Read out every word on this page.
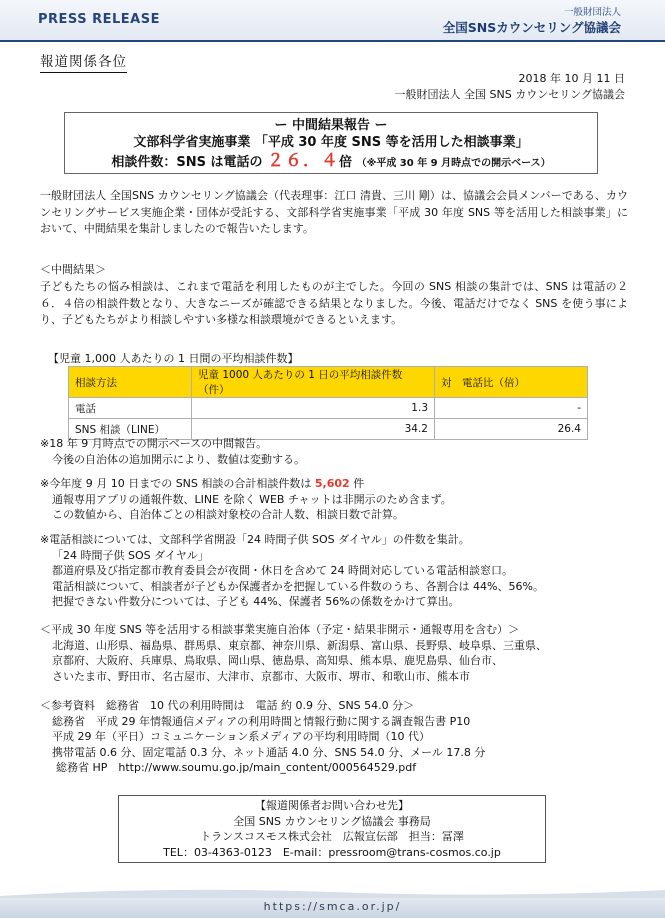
PRESS RELEASE	一般財団法人
全国SNSカウンセリング協議会
報道関係各位
2018 年 10 月 11 日
一般財団法人 全国 SNS カウンセリング協議会
ー 中間結果報告 ー
文部科学省実施事業 「平成 30 年度 SNS 等を活用した相談事業」
相談件数：SNS は電話の ２６．４倍 （※平成 30 年 9 月時点での開示ベース）
一般財団法人 全国SNS カウンセリング協議会（代表理事：江口 清貴、三川 剛）は、協議会会員メンバーである、カウンセリングサービス実施企業・団体が受託する、文部科学省実施事業「平成 30 年度 SNS 等を活用した相談事業」において、中間結果を集計しましたので報告いたします。
＜中間結果＞
子どもたちの悩み相談は、これまで電話を利用したものが主でした。今回の SNS 相談の集計では、SNS は電話の２６．４倍の相談件数となり、大きなニーズが確認できる結果となりました。今後、電話だけでなく SNS を使う事により、子どもたちがより相談しやすい多様な相談環境ができるといえます。
【児童 1,000 人あたりの 1 日間の平均相談件数】
相談方法	児童 1000 人あたりの 1 日の平均相談件数（件）	対　電話比（倍）
電話	1.3	-
SNS 相談（LINE）	34.2	26.4
※18 年 9 月時点での開示ベースの中間報告。
今後の自治体の追加開示により、数値は変動する。
※今年度 9 月 10 日までの SNS 相談の合計相談件数は 5,602 件
通報専用アプリの通報件数、LINE を除く WEB チャットは非開示のため含まず。
この数値から、自治体ごとの相談対象校の合計人数、相談日数で計算。
※電話相談については、文部科学省開設「24 時間子供 SOS ダイヤル」の件数を集計。
「24 時間子供 SOS ダイヤル」
都道府県及び指定都市教育委員会が夜間・休日を含めて 24 時間対応している電話相談窓口。
電話相談について、相談者が子どもか保護者かを把握している件数のうち、各割合は 44%、56%。
把握できない件数分については、子ども 44%、保護者 56%の係数をかけて算出。
＜平成 30 年度 SNS 等を活用する相談事業実施自治体（予定・結果非開示・通報専用を含む）＞
北海道、山形県、福島県、群馬県、東京都、神奈川県、新潟県、富山県、長野県、岐阜県、三重県、
京都府、大阪府、兵庫県、鳥取県、岡山県、徳島県、高知県、熊本県、鹿児島県、仙台市、
さいたま市、野田市、名古屋市、大津市、京都市、大阪市、堺市、和歌山市、熊本市
＜参考資料　総務省　10 代の利用時間は　電話 約 0.9 分、SNS 54.0 分＞
総務省　平成 29 年情報通信メディアの利用時間と情報行動に関する調査報告書 P10
平成 29 年（平日）コミュニケーション系メディアの平均利用時間（10 代）
携帯電話 0.6 分、固定電話 0.3 分、ネット通話 4.0 分、SNS 54.0 分、メール 17.8 分
総務省 HP　http://www.soumu.go.jp/main_content/000564529.pdf
【報道関係者お問い合わせ先】
全国 SNS カウンセリング協議会 事務局
トランスコスモス株式会社　広報宣伝部　担当：冨澤
TEL：03-4363-0123　E-mail：pressroom@trans-cosmos.co.jp
https://smca.or.jp/
